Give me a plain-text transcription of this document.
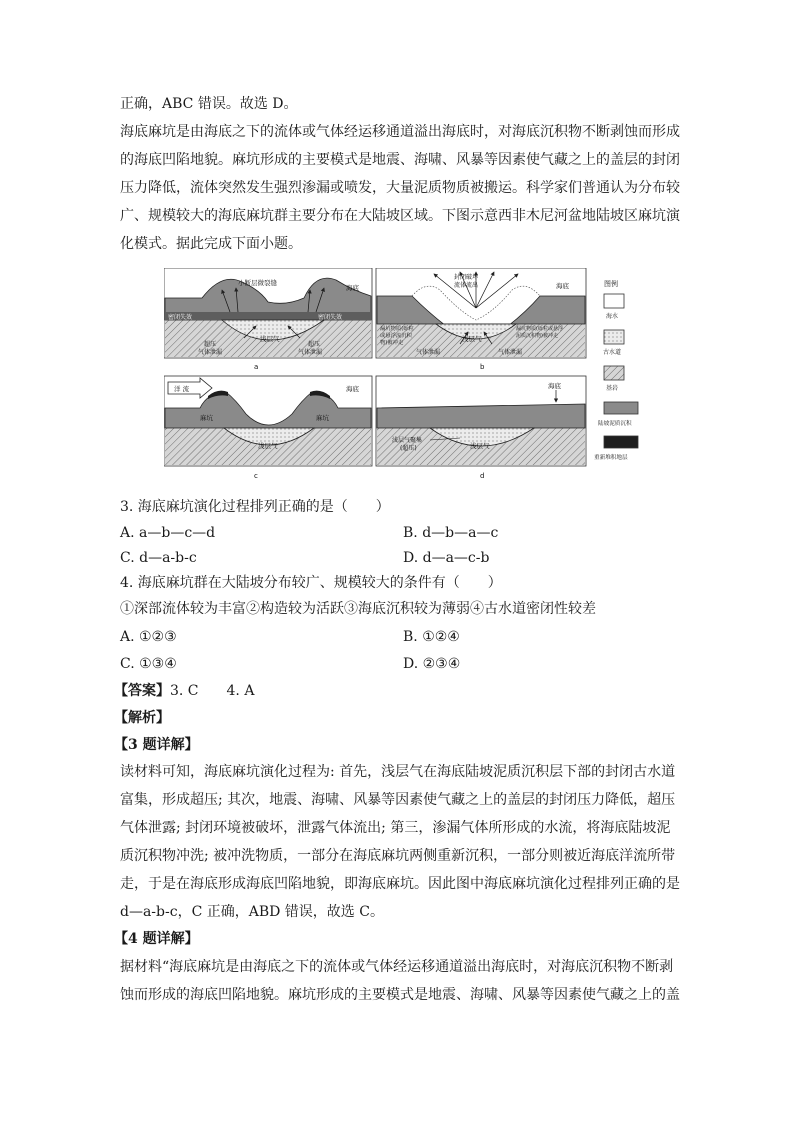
正确，ABC 错误。故选 D。
海底麻坑是由海底之下的流体或气体经运移通道溢出海底时，对海底沉积物不断剥蚀而形成
的海底凹陷地貌。麻坑形成的主要模式是地震、海啸、风暴等因素使气藏之上的盖层的封闭
压力降低，流体突然发生强烈渗漏或喷发，大量泥质物质被搬运。科学家们普通认为分布较
广、规模较大的海底麻坑群主要分布在大陆坡区域。下图示意西非木尼河盆地陆坡区麻坑演
化模式。据此完成下面小题。
小断层微裂缝
海底
密闭失效	密闭失效
浅层气
超压
气体泄漏
超压
气体泄漏
a
封闭破坏
流体流出	海底
漏坑物质(砾粒
或悬浮流沉积
物)被冲走
漏坑物质(砾粒或悬浮
泥质沉积物)被冲走
浅层气
气体泄漏	气体泄漏
b
洋 流	海底
麻坑	麻坑
浅层气
c
海底
浅层气聚集
(超压)	浅层气
d
图例
海水
古水道
基岩
陆坡泥质沉积
重新堆积地层
3. 海底麻坑演化过程排列正确的是（　　）
A. a—b—c—d	B. d—b—a—c
C. d—a-b-c	D. d—a—c-b
4. 海底麻坑群在大陆坡分布较广、规模较大的条件有（　　）
①深部流体较为丰富②构造较为活跃③海底沉积较为薄弱④古水道密闭性较差
A. ①②③	B. ①②④
C. ①③④	D. ②③④
【答案】3. C　　4. A
【解析】
【3 题详解】
读材料可知，海底麻坑演化过程为: 首先，浅层气在海底陆坡泥质沉积层下部的封闭古水道
富集，形成超压; 其次，地震、海啸、风暴等因素使气藏之上的盖层的封闭压力降低，超压
气体泄露; 封闭环境被破坏，泄露气体流出; 第三，渗漏气体所形成的水流，将海底陆坡泥
质沉积物冲洗; 被冲洗物质，一部分在海底麻坑两侧重新沉积，一部分则被近海底洋流所带
走，于是在海底形成海底凹陷地貌，即海底麻坑。因此图中海底麻坑演化过程排列正确的是
d—a-b-c，C 正确，ABD 错误，故选 C。
【4 题详解】
据材料“海底麻坑是由海底之下的流体或气体经运移通道溢出海底时，对海底沉积物不断剥
蚀而形成的海底凹陷地貌。麻坑形成的主要模式是地震、海啸、风暴等因素使气藏之上的盖
